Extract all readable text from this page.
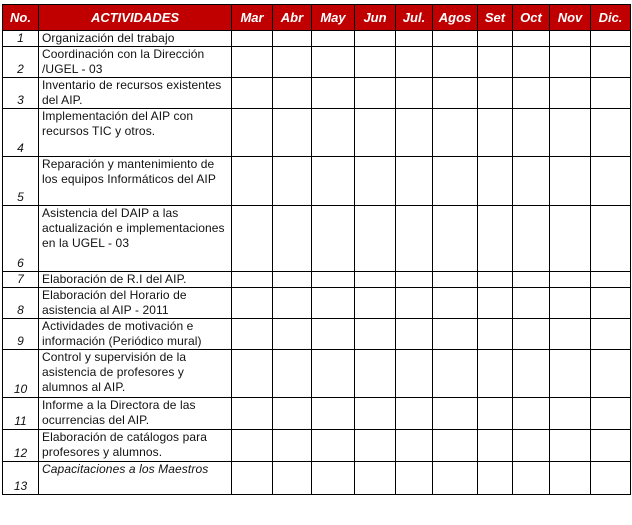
No.	ACTIVIDADES	Mar	Abr	May	Jun	Jul.	Agos	Set	Oct	Nov	Dic.
1	Organización del trabajo										
2	Coordinación con la Dirección /UGEL - 03										
3	Inventario de recursos existentes del AIP.										
4	Implementación del AIP con recursos TIC y otros.										
5	Reparación y mantenimiento de los equipos Informáticos del AIP										
6	Asistencia del DAIP a las actualización e implementaciones en la UGEL - 03										
7	Elaboración de R.I del AIP.										
8	Elaboración del Horario de asistencia al AIP - 2011										
9	Actividades de motivación e información (Periódico mural)										
10	Control y supervisión de la asistencia de profesores y alumnos al AIP.										
11	Informe a la Directora de las ocurrencias del AIP.										
12	Elaboración de catálogos para profesores y alumnos.										
13	Capacitaciones a los Maestros										
